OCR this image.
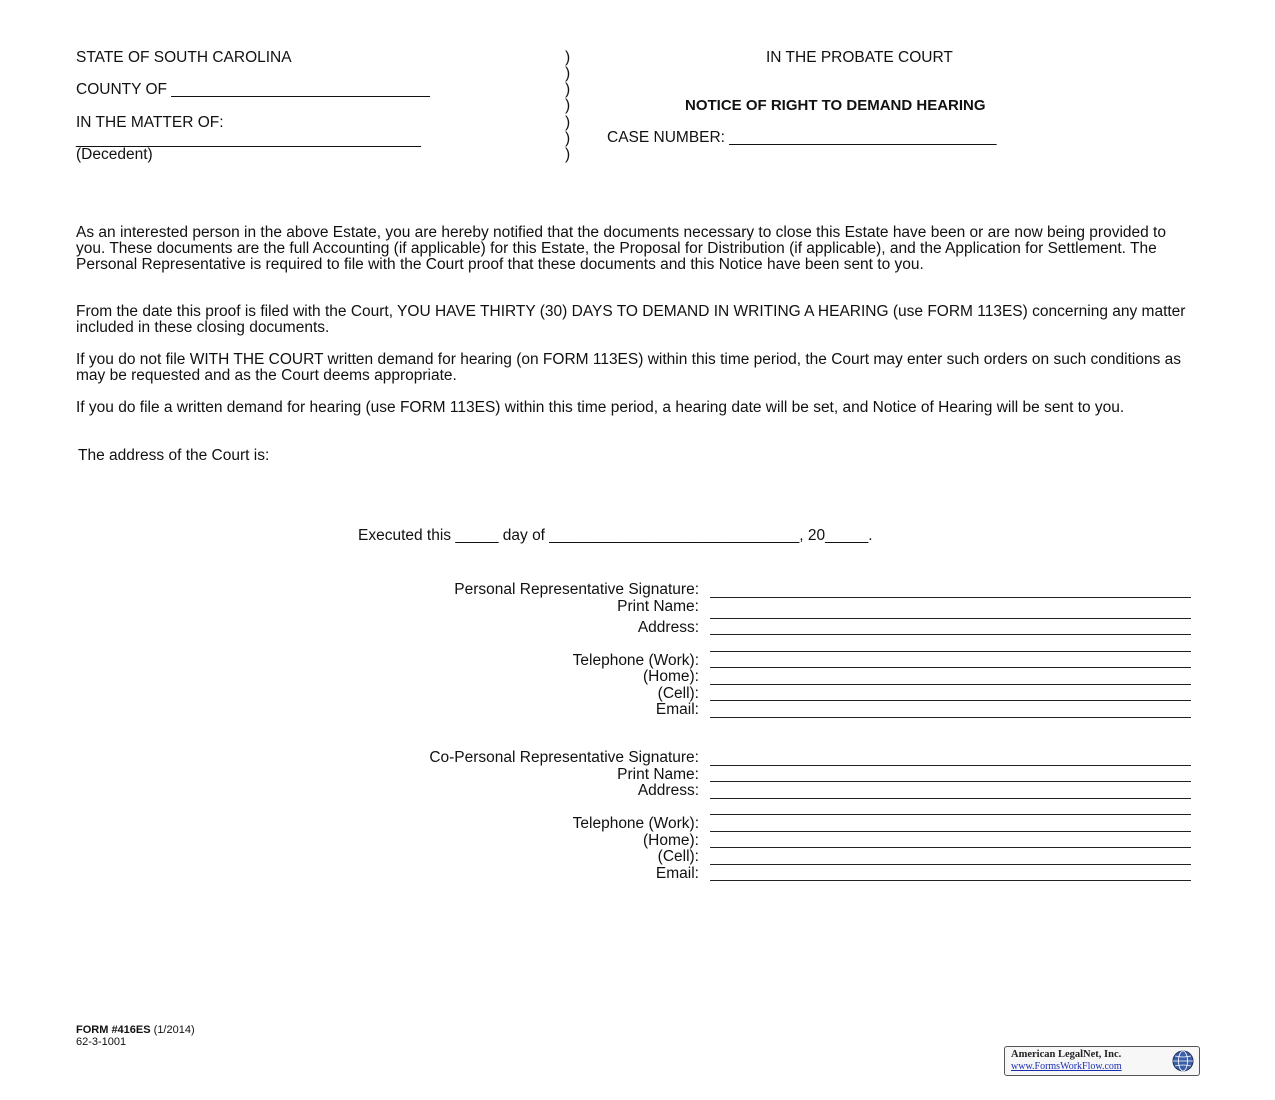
STATE OF SOUTH CAROLINA
COUNTY OF ______________________________
IN THE MATTER OF:
________________________________________
(Decedent)
)
)
)
)
)
)
)
IN THE PROBATE COURT
NOTICE OF RIGHT TO DEMAND HEARING
CASE NUMBER: _______________________________
As an interested person in the above Estate, you are hereby notified that the documents necessary to close this Estate have been or are now being provided to you. These documents are the full Accounting (if applicable) for this Estate, the Proposal for Distribution (if applicable), and the Application for Settlement. The Personal Representative is required to file with the Court proof that these documents and this Notice have been sent to you.
From the date this proof is filed with the Court, YOU HAVE THIRTY (30) DAYS TO DEMAND IN WRITING A HEARING (use FORM 113ES) concerning any matter included in these closing documents.
If you do not file WITH THE COURT written demand for hearing (on FORM 113ES) within this time period, the Court may enter such orders on such conditions as may be requested and as the Court deems appropriate.
If you do file a written demand for hearing (use FORM 113ES) within this time period, a hearing date will be set, and Notice of Hearing will be sent to you.
The address of the Court is:
Executed this _____ day of _____________________________, 20_____.
Personal Representative Signature:
Print Name:
Address:
Telephone (Work):
(Home):
(Cell):
Email:
Co-Personal Representative Signature:
Print Name:
Address:
Telephone (Work):
(Home):
(Cell):
Email:
FORM #416ES (1/2014)
62-3-1001
American LegalNet, Inc.
www.FormsWorkFlow.com
